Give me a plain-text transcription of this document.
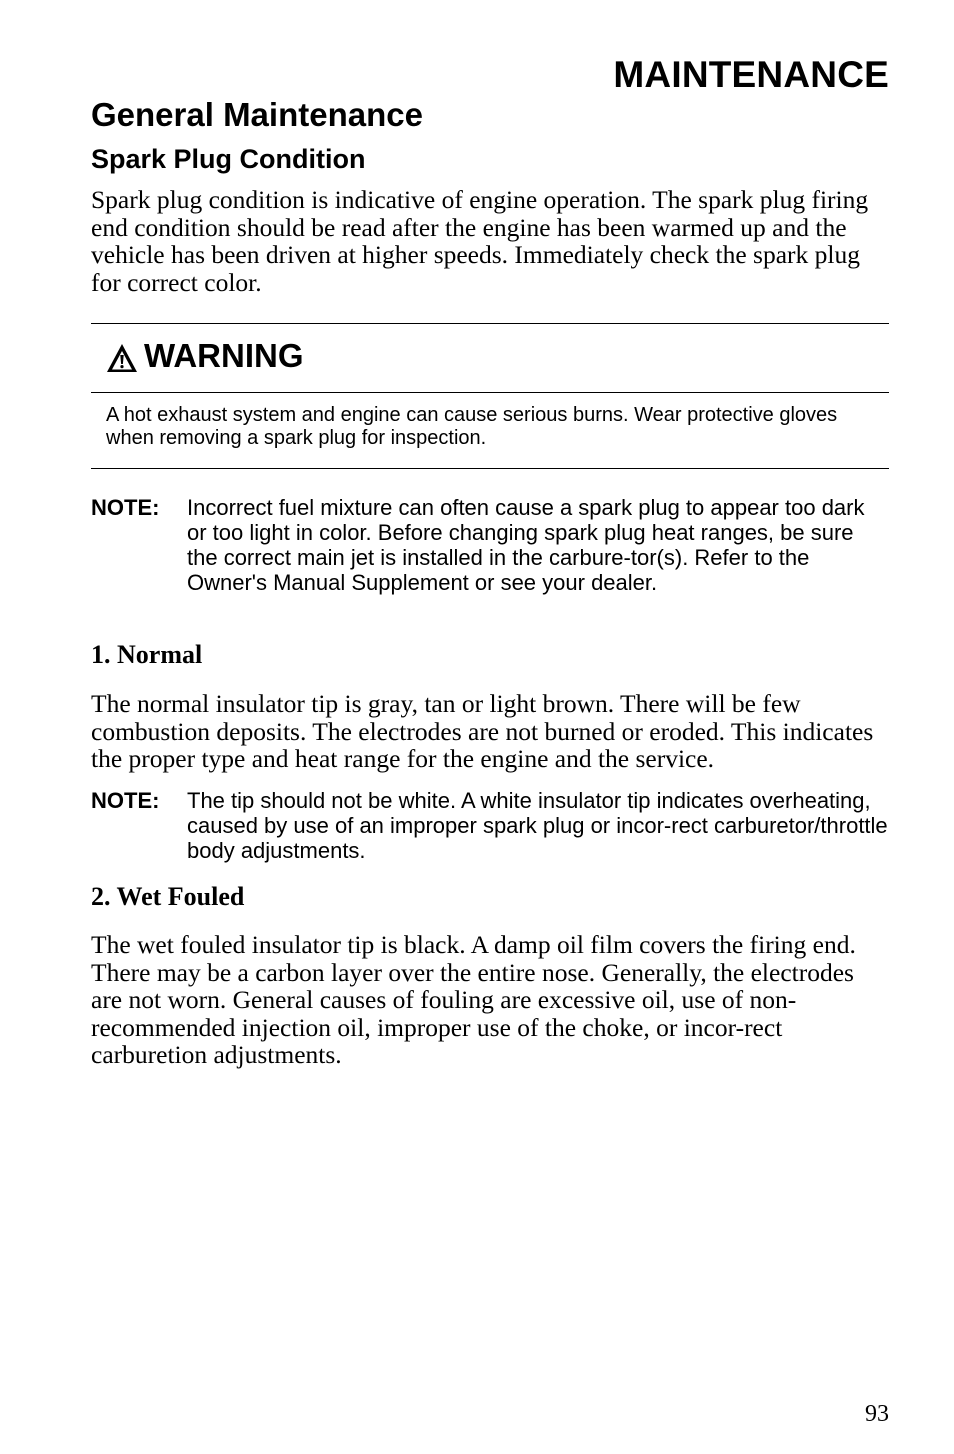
MAINTENANCE
General Maintenance
Spark Plug Condition

Spark plug condition is indicative of engine operation. The spark plug firing end condition should be read after the engine has been warmed up and the vehicle has been driven at higher speeds. Immediately check the spark plug for correct color.

WARNING

A hot exhaust system and engine can cause serious burns. Wear protective gloves when removing a spark plug for inspection.

NOTE:	Incorrect fuel mixture can often cause a spark plug to appear too dark or too light in color. Before changing spark plug heat ranges, be sure the correct main jet is installed in the carbure-tor(s). Refer to the Owner's Manual Supplement or see your dealer.

1. Normal

The normal insulator tip is gray, tan or light brown. There will be few combustion deposits. The electrodes are not burned or eroded. This indicates the proper type and heat range for the engine and the service.

NOTE:	The tip should not be white. A white insulator tip indicates overheating, caused by use of an improper spark plug or incor-rect carburetor/throttle body adjustments.

2. Wet Fouled

The wet fouled insulator tip is black. A damp oil film covers the firing end. There may be a carbon layer over the entire nose. Generally, the electrodes are not worn. General causes of fouling are excessive oil, use of non-recommended injection oil, improper use of the choke, or incor-rect carburetion adjustments.

93
